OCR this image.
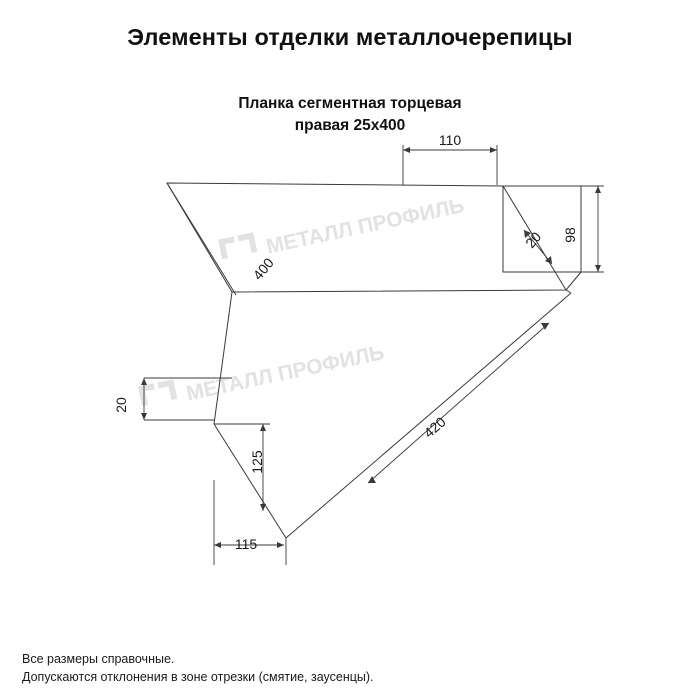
Элементы отделки металлочерепицы
Планка сегментная торцевая
правая 25х400
МЕТАЛЛ ПРОФИЛЬ
МЕТАЛЛ ПРОФИЛЬ
110
98
20
400
20
125
115
420
Все размеры справочные.
Допускаются отклонения в зоне отрезки (смятие, заусенцы).
